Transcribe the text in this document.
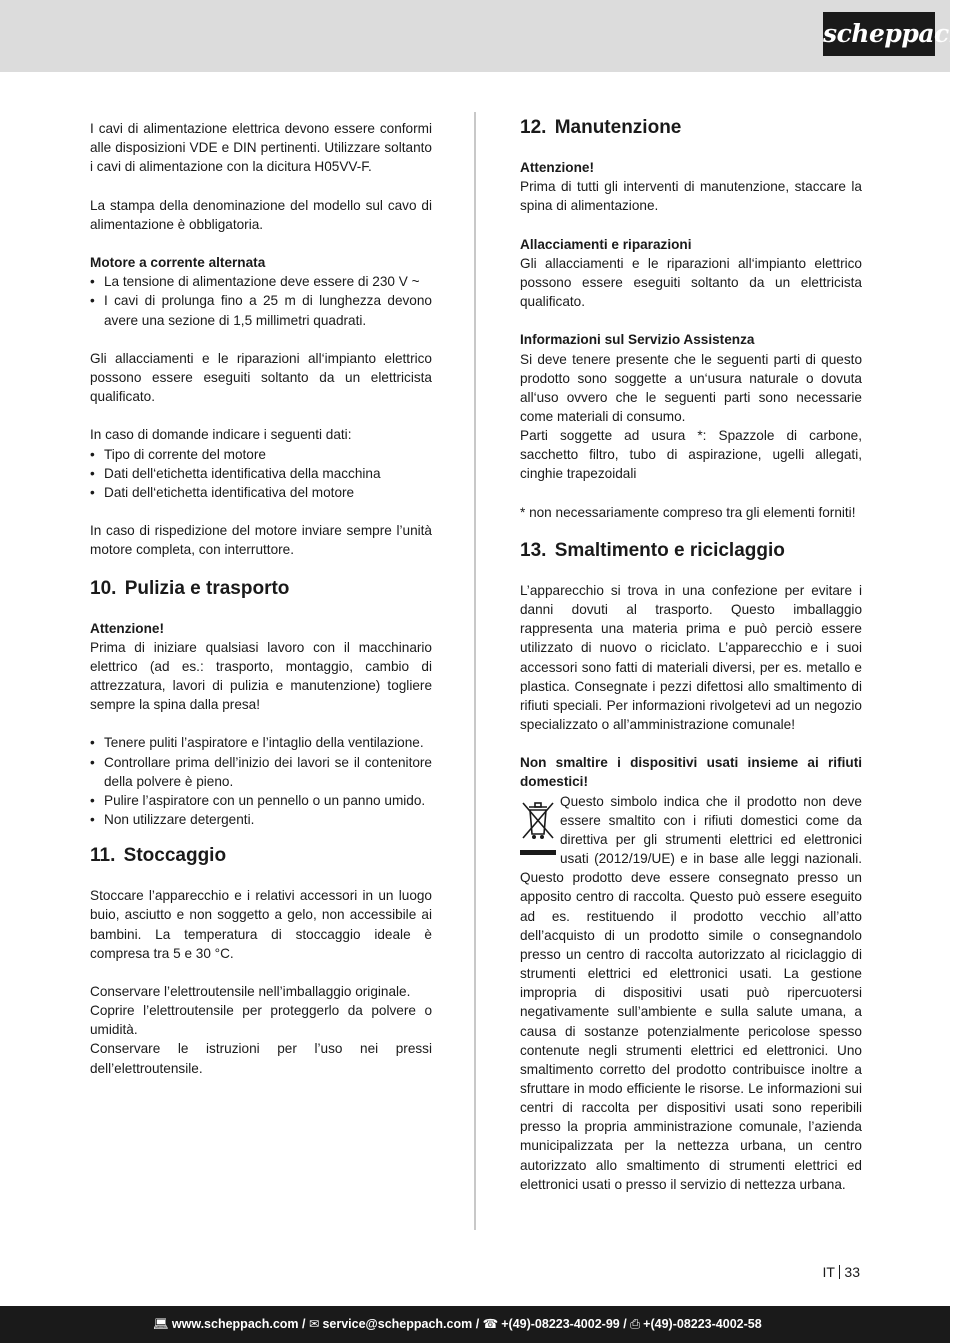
scheppach

I cavi di alimentazione elettrica devono essere conformi alle disposizioni VDE e DIN pertinenti. Utilizzare soltanto i cavi di alimentazione con la dicitura H05VV-F.

La stampa della denominazione del modello sul cavo di alimentazione è obbligatoria.

Motore a corrente alternata

• La tensione di alimentazione deve essere di 230 V ~
• I cavi di prolunga fino a 25 m di lunghezza devono avere una sezione di 1,5 millimetri quadrati.

Gli allacciamenti e le riparazioni all‘impianto elettrico possono essere eseguiti soltanto da un elettricista qualificato.

In caso di domande indicare i seguenti dati:

• Tipo di corrente del motore
• Dati dell‘etichetta identificativa della macchina
• Dati dell‘etichetta identificativa del motore

In caso di rispedizione del motore inviare sempre l’unità motore completa, con interruttore.

10. Pulizia e trasporto

Attenzione!

Prima di iniziare qualsiasi lavoro con il macchinario elettrico (ad es.: trasporto, montaggio, cambio di attrezzatura, lavori di pulizia e manutenzione) togliere sempre la spina dalla presa!

• Tenere puliti l’aspiratore e l’intaglio della ventilazione.
• Controllare prima dell’inizio dei lavori se il contenitore della polvere è pieno.
• Pulire l’aspiratore con un pennello o un panno umido.
• Non utilizzare detergenti.
11. Stoccaggio

Stoccare l’apparecchio e i relativi accessori in un luogo buio, asciutto e non soggetto a gelo, non accessibile ai bambini. La temperatura di stoccaggio ideale è compresa tra 5 e 30 °C.

Conservare l’elettroutensile nell’imballaggio originale.

Coprire l’elettroutensile per proteggerlo da polvere o umidità.

Conservare le istruzioni per l’uso nei pressi dell’elettroutensile.

12. Manutenzione

Attenzione!

Prima di tutti gli interventi di manutenzione, staccare la spina di alimentazione.

Allacciamenti e riparazioni

Gli allacciamenti e le riparazioni all‘impianto elettrico possono essere eseguiti soltanto da un elettricista qualificato.

Informazioni sul Servizio Assistenza

Si deve tenere presente che le seguenti parti di questo prodotto sono soggette a un‘usura naturale o dovuta all‘uso ovvero che le seguenti parti sono necessarie come materiali di consumo.

Parti soggette ad usura *: Spazzole di carbone, sacchetto filtro, tubo di aspirazione, ugelli allegati, cinghie trapezoidali

* non necessariamente compreso tra gli elementi forniti!

13. Smaltimento e riciclaggio

L’apparecchio si trova in una confezione per evitare i danni dovuti al trasporto. Questo imballaggio rappresenta una materia prima e può perciò essere utilizzato di nuovo o riciclato. L’apparecchio e i suoi accessori sono fatti di materiali diversi, per es. metallo e plastica. Consegnate i pezzi difettosi allo smaltimento di rifiuti speciali. Per informazioni rivolgetevi ad un negozio specializzato o all’amministrazione comunale!

Non smaltire i dispositivi usati insieme ai rifiuti domestici!

Questo simbolo indica che il prodotto non deve essere smaltito con i rifiuti domestici come da direttiva per gli strumenti elettrici ed elettronici usati (2012/19/UE) e in base alle leggi nazionali. Questo prodotto deve essere consegnato presso un apposito centro di raccolta. Questo può essere eseguito ad es. restituendo il prodotto vecchio all’atto dell’acquisto di un prodotto simile o consegnandolo presso un centro di raccolta autorizzato al riciclaggio di strumenti elettrici ed elettronici usati. La gestione impropria di dispositivi usati può ripercuotersi negativamente sull’ambiente e sulla salute umana, a causa di sostanze potenzialmente pericolose spesso contenute negli strumenti elettrici ed elettronici. Uno smaltimento corretto del prodotto contribuisce inoltre a sfruttare in modo efficiente le risorse. Le informazioni sui centri di raccolta per dispositivi usati sono reperibili presso la propria amministrazione comunale, l’azienda municipalizzata per la nettezza urbana, un centro autorizzato allo smaltimento di strumenti elettrici ed elettronici usati o presso il servizio di nettezza urbana.

IT 33
💻︎ www.scheppach.com / ✉︎ service@scheppach.com / ☎︎ +(49)-08223-4002-99 / ⎙ +(49)-08223-4002-58
